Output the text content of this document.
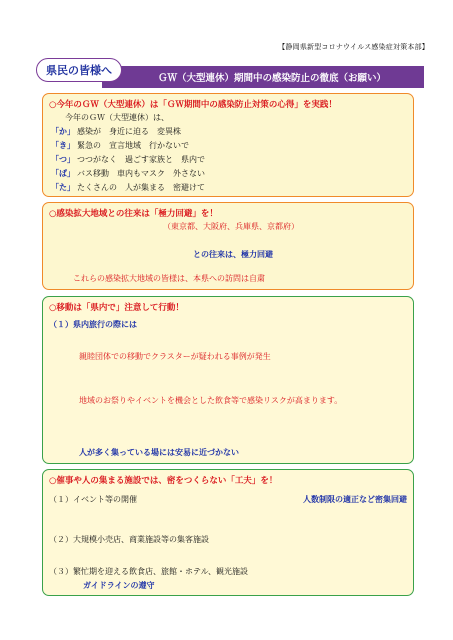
【静岡県新型コロナウイルス感染症対策本部】
県民の皆様へ
ＧＷ（大型連休）期間中の感染防止の徹底（お願い）
○今年のＧＷ（大型連休）は「ＧＷ期間中の感染防止対策の心得」を実践！
今年のＧＷ（大型連休）は、
「か」 感染が　身近に迫る　変異株
「き」 緊急の　宣言地域　行かないで
「つ」 つつがなく　過ごす家族と　県内で
「ば」 バス移動　車内もマスク　外さない
「た」 たくさんの　人が集まる　密避けて
○感染拡大地域との往来は「極力回避」を！
（東京都、大阪府、兵庫県、京都府）
との往来は、極力回避
これらの感染拡大地域の皆様は、本県への訪問は自粛
○移動は「県内で」注意して行動！
（１）県内旅行の際には
親睦団体での移動でクラスターが疑われる事例が発生
地域のお祭りやイベントを機会とした飲食等で感染リスクが高まります。
人が多く集っている場には安易に近づかない
○催事や人の集まる施設では、密をつくらない「工夫」を！
（１）イベント等の開催	人数制限の適正など密集回避
（２）大規模小売店、商業施設等の集客施設
（３）繁忙期を迎える飲食店、旅館・ホテル、観光施設
ガイドラインの遵守
